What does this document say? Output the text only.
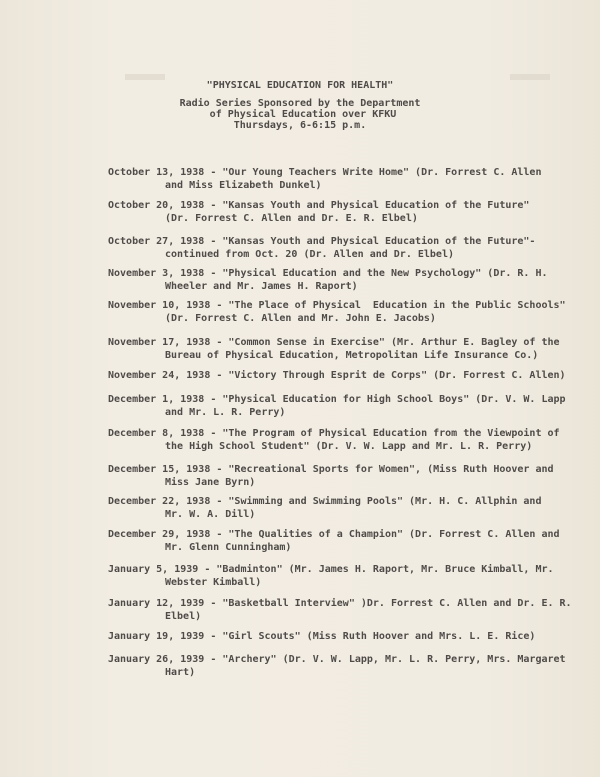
"PHYSICAL EDUCATION FOR HEALTH"
Radio Series Sponsored by the Department
of Physical Education over KFKU
Thursdays, 6-6:15 p.m.
October 13, 1938 - "Our Young Teachers Write Home" (Dr. Forrest C. Allen
and Miss Elizabeth Dunkel)
October 20, 1938 - "Kansas Youth and Physical Education of the Future"
(Dr. Forrest C. Allen and Dr. E. R. Elbel)
October 27, 1938 - "Kansas Youth and Physical Education of the Future"-
continued from Oct. 20 (Dr. Allen and Dr. Elbel)
November 3, 1938 - "Physical Education and the New Psychology" (Dr. R. H.
Wheeler and Mr. James H. Raport)
November 10, 1938 - "The Place of Physical  Education in the Public Schools"
(Dr. Forrest C. Allen and Mr. John E. Jacobs)
November 17, 1938 - "Common Sense in Exercise" (Mr. Arthur E. Bagley of the
Bureau of Physical Education, Metropolitan Life Insurance Co.)
November 24, 1938 - "Victory Through Esprit de Corps" (Dr. Forrest C. Allen)
December 1, 1938 - "Physical Education for High School Boys" (Dr. V. W. Lapp
and Mr. L. R. Perry)
December 8, 1938 - "The Program of Physical Education from the Viewpoint of
the High School Student" (Dr. V. W. Lapp and Mr. L. R. Perry)
December 15, 1938 - "Recreational Sports for Women", (Miss Ruth Hoover and
Miss Jane Byrn)
December 22, 1938 - "Swimming and Swimming Pools" (Mr. H. C. Allphin and
Mr. W. A. Dill)
December 29, 1938 - "The Qualities of a Champion" (Dr. Forrest C. Allen and
Mr. Glenn Cunningham)
January 5, 1939 - "Badminton" (Mr. James H. Raport, Mr. Bruce Kimball, Mr.
Webster Kimball)
January 12, 1939 - "Basketball Interview" )Dr. Forrest C. Allen and Dr. E. R.
Elbel)
January 19, 1939 - "Girl Scouts" (Miss Ruth Hoover and Mrs. L. E. Rice)
January 26, 1939 - "Archery" (Dr. V. W. Lapp, Mr. L. R. Perry, Mrs. Margaret
Hart)
